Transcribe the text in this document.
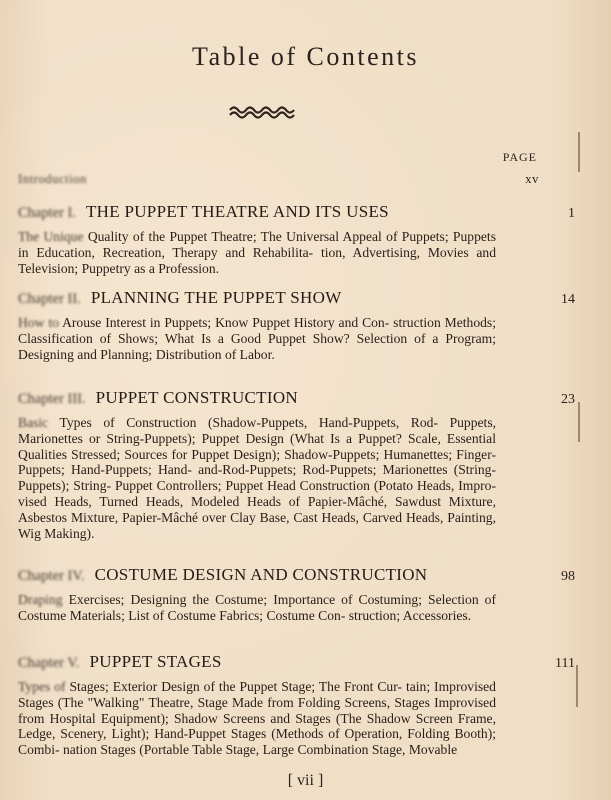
Table of Contents
PAGE
Introduction	xv
Chapter I. THE PUPPET THEATRE AND ITS USES	1
The Unique Quality of the Puppet Theatre; The Universal Appeal of Puppets; Puppets in Education, Recreation, Therapy and Rehabilita- tion, Advertising, Movies and Television; Puppetry as a Profession.
Chapter II. PLANNING THE PUPPET SHOW	14
How to Arouse Interest in Puppets; Know Puppet History and Con- struction Methods; Classification of Shows; What Is a Good Puppet Show? Selection of a Program; Designing and Planning; Distribution of Labor.
Chapter III. PUPPET CONSTRUCTION	23
Basic Types of Construction (Shadow-Puppets, Hand-Puppets, Rod- Puppets, Marionettes or String-Puppets); Puppet Design (What Is a Puppet? Scale, Essential Qualities Stressed; Sources for Puppet Design); Shadow-Puppets; Humanettes; Finger-Puppets; Hand-Puppets; Hand- and-Rod-Puppets; Rod-Puppets; Marionettes (String-Puppets); String- Puppet Controllers; Puppet Head Construction (Potato Heads, Impro- vised Heads, Turned Heads, Modeled Heads of Papier-Mâché, Sawdust Mixture, Asbestos Mixture, Papier-Mâché over Clay Base, Cast Heads, Carved Heads, Painting, Wig Making).
Chapter IV. COSTUME DESIGN AND CONSTRUCTION	98
Draping Exercises; Designing the Costume; Importance of Costuming; Selection of Costume Materials; List of Costume Fabrics; Costume Con- struction; Accessories.
Chapter V. PUPPET STAGES	111
Types of Stages; Exterior Design of the Puppet Stage; The Front Cur- tain; Improvised Stages (The "Walking" Theatre, Stage Made from Folding Screens, Stages Improvised from Hospital Equipment); Shadow Screens and Stages (The Shadow Screen Frame, Ledge, Scenery, Light); Hand-Puppet Stages (Methods of Operation, Folding Booth); Combi- nation Stages (Portable Table Stage, Large Combination Stage, Movable
[ vii ]
